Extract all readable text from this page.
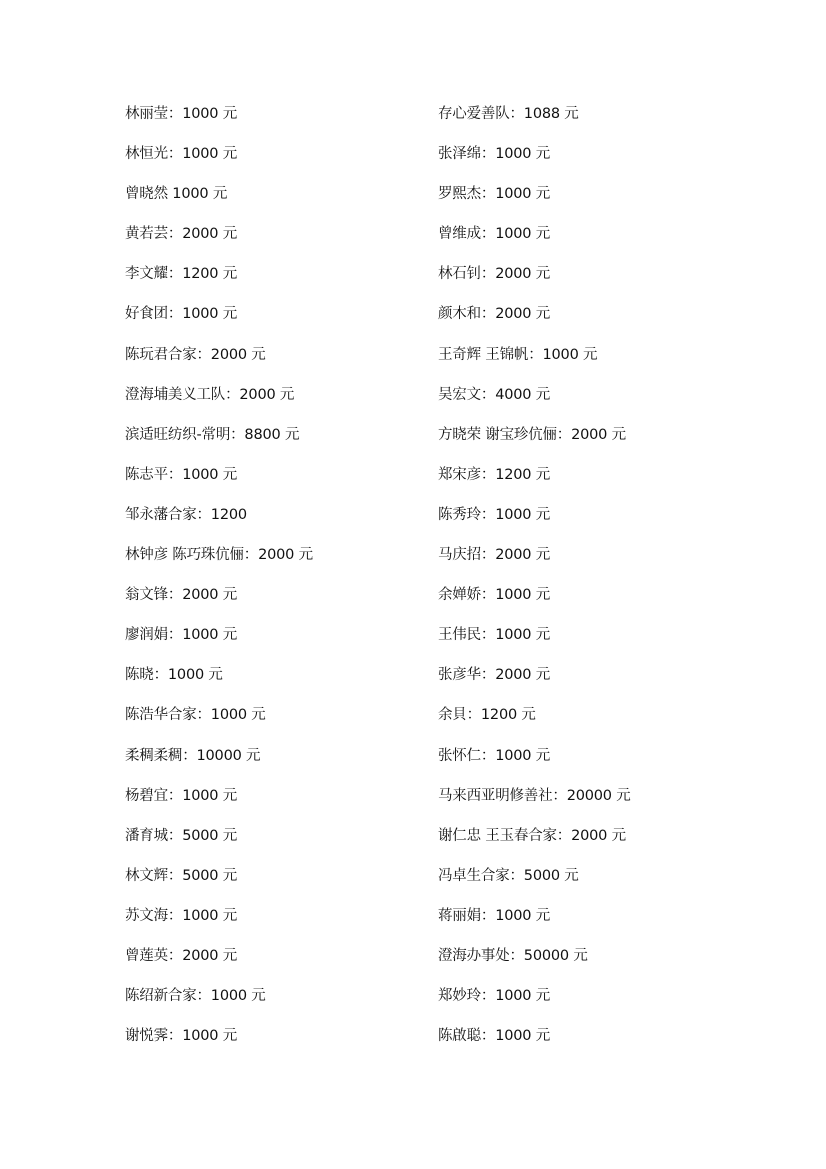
林丽莹：1000 元
林恒光：1000 元
曾晓然 1000 元
黄若芸：2000 元
李文耀：1200 元
好食团：1000 元
陈玩君合家：2000 元
澄海埔美义工队：2000 元
滨适旺纺织-常明：8800 元
陈志平：1000 元
邹永藩合家：1200
林钟彦 陈巧珠伉俪：2000 元
翁文锋：2000 元
廖润娟：1000 元
陈晓：1000 元
陈浩华合家：1000 元
柔稠柔稠：10000 元
杨碧宜：1000 元
潘育城：5000 元
林文辉：5000 元
苏文海：1000 元
曾莲英：2000 元
陈绍新合家：1000 元
谢悦霁：1000 元
存心爱善队：1088 元
张泽绵：1000 元
罗熙杰：1000 元
曾维成：1000 元
林石钊：2000 元
颜木和：2000 元
王奇辉 王锦帆：1000 元
吴宏文：4000 元
方晓荣 谢宝珍伉俪：2000 元
郑宋彦：1200 元
陈秀玲：1000 元
马庆招：2000 元
余婵娇：1000 元
王伟民：1000 元
张彦华：2000 元
余貝：1200 元
张怀仁：1000 元
马来西亚明修善社：20000 元
谢仁忠 王玉春合家：2000 元
冯卓生合家：5000 元
蒋丽娟：1000 元
澄海办事处：50000 元
郑妙玲：1000 元
陈啟聪：1000 元
